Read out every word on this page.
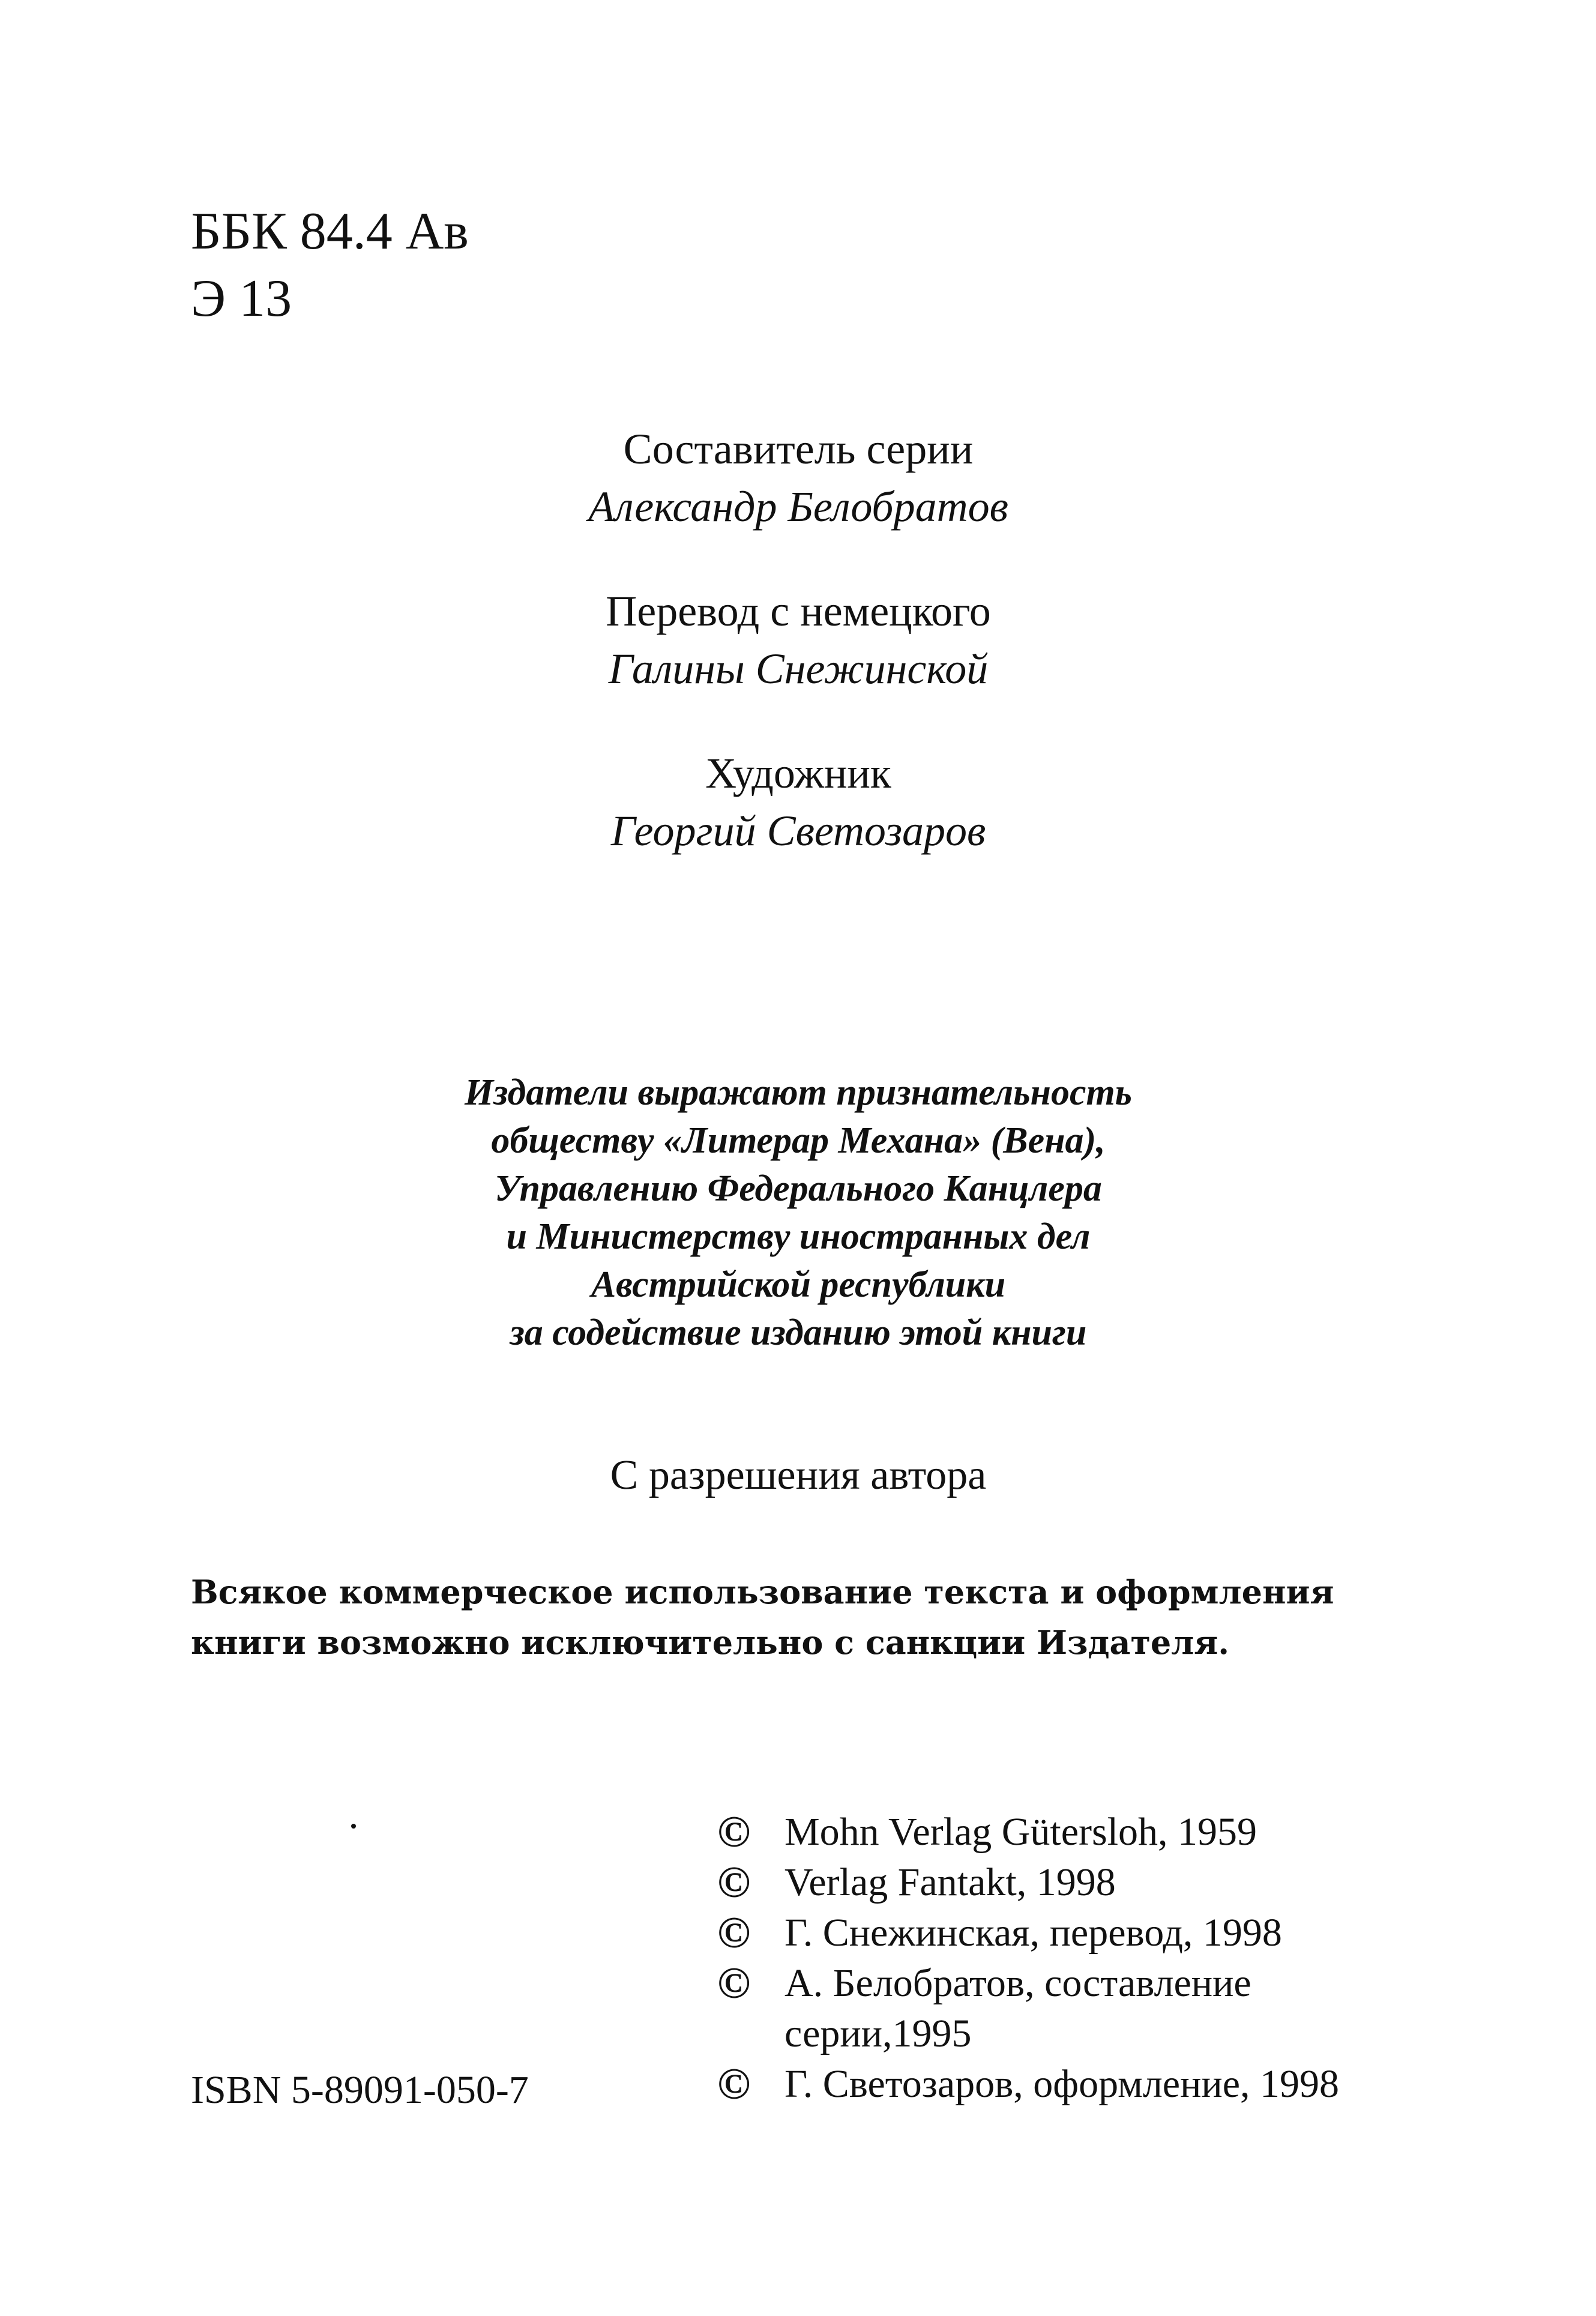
ББК 84.4 Ав
Э 13
Составитель серии
Александр Белобратов
Перевод с немецкого
Галины Снежинской
Художник
Георгий Светозаров
Издатели выражают признательность
обществу «Литерар Механа» (Вена),
Управлению Федерального Канцлера
и Министерству иностранных дел
Австрийской республики
за содействие изданию этой книги
С разрешения автора
Всякое коммерческое использование текста и оформления
книги возможно исключительно с санкции Издателя.
© Mohn Verlag Gütersloh, 1959
© Verlag Fantakt, 1998
© Г. Снежинская, перевод, 1998
© А. Белобратов, составление
серии,1995
© Г. Светозаров, оформление, 1998
ISBN 5-89091-050-7
